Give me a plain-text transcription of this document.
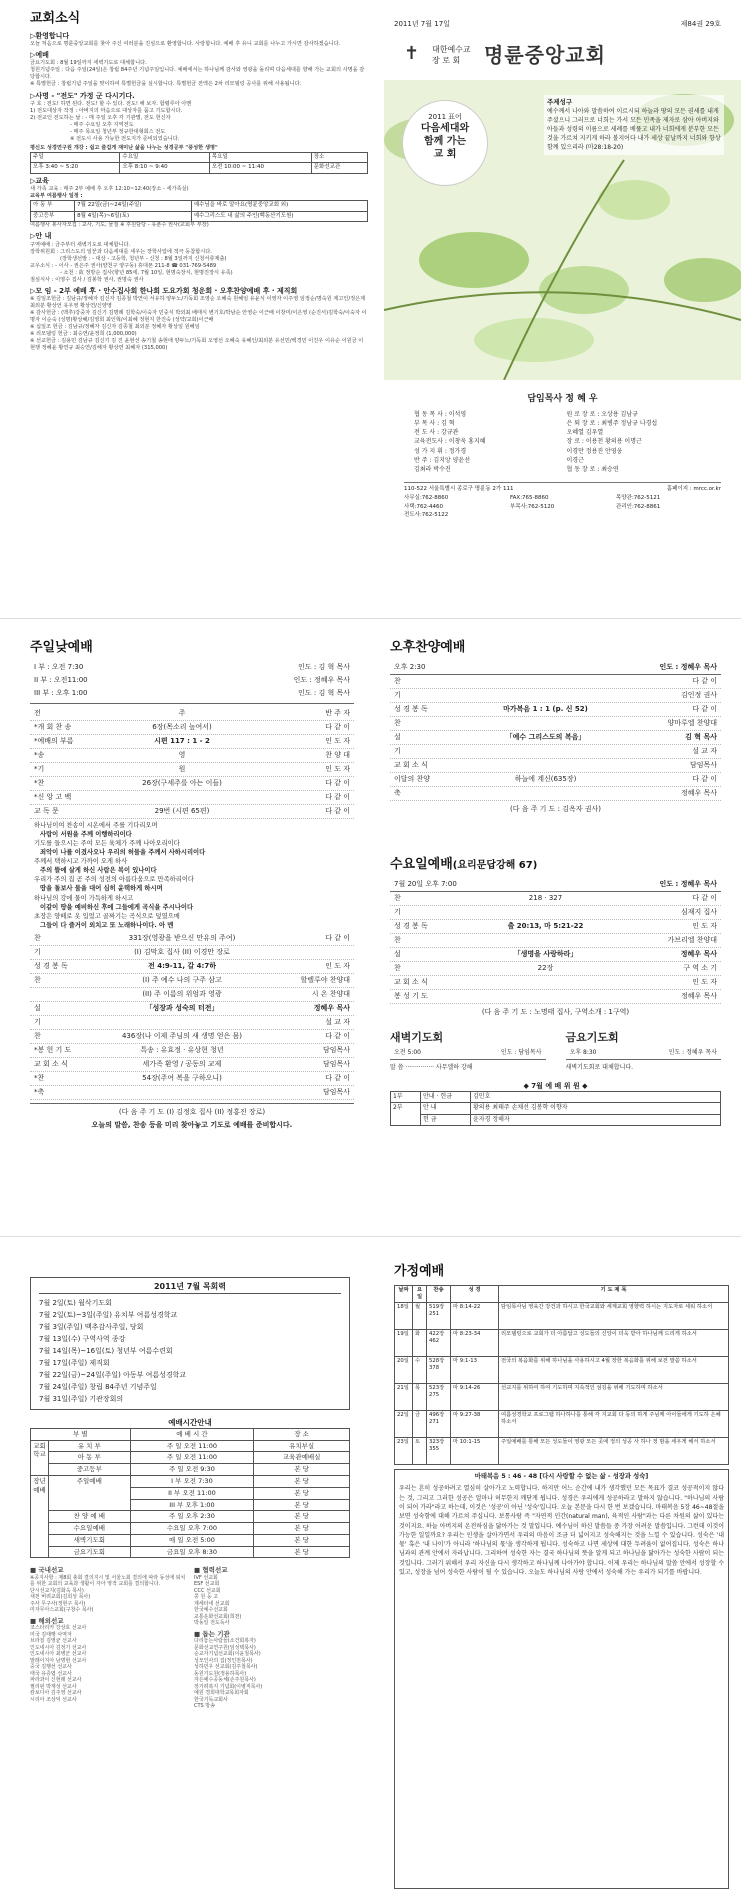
교회소식
▷환영합니다
오늘 처음으로 명륜중앙교회를 찾아 주신 여러분을 진심으로 환영합니다. 사랑합니다. 예배 후 유니 교회를 나누고 가시면 감사하겠습니다.
▷예배
금요기도회 : 8월 19일까지 세벽기도로 대체합니다.
청원기념주일 : 다음 주일(24일)은 창립 84주년 기념주일입니다. 예배에서는 하나님께 감사와 영광을 돌리며 다음세대를 향해 가는 교회의 사명을 감당합시다.
※ 특별헌금 : 창립기념 주일을 맞이하여 특별헌금을 실시합니다. 특별헌금 전액은 2차 리모델링 공사를 위해 사용됩니다.
▷사명 - "전도" 가정 군 다시기다.
구 호 : 전도! 하면 된다. 전도! 할 수 있다. 전도! 해 보자. 합렬루아 아멘
1) 전도대상자 작정 : 아버지의 마음으로 대상자를 품고 기도합시다.
2) 전교인 전도하는 날 : - 매 주일 오후 각 기관별, 전도 헌신자
- 매주 수요일 오후 지역전도
- 매주 목요일 청년부 정규한대형회스 전도
※ 전도시 사용 가능한 전도지가 준비되었습니다.
평신도 성경연구원 개강 : 쉽고 즐겁게 재미난 삶을 나누는 성경공부 "풍성한 생명"
주일	수요일	목요일	장소
오후 3:40 ~ 5:20	오후 8:10 ~ 9:40	오전 10:00 ~ 11:40	문화선교관
▷교육
새 가족 교육 : 매주 2부 예배 후 오후 12:10~12:40(장소 - 세가족실)
교육부 여름행사 일정 :
아 동 부	7월 22일(금)~24일(주일)	예수님을 바로 알아요(명륜중앙교회 외)
중고등부	8월 4일(목)~6일(토)	예수그리스도 내 삶의 주인(백동산기도원)
여름행사 봉사자모집 : 교사, 기도, 물질 ※ 후원담당 - 유춘수 권사(교회부 부장)
▷안 내
구역예배 : 금주부터 새벽기도로 대체합니다.
장학위원회 : 그리스도의 일꾼과 다음세대를 세우는 장학사업에 적극 동참합시다.
(장학생선발 : - 대상 - 고등학, 청년부 - 신청 : 8월 3일까지 신청서류제출)
교우소식 : - 이사 - 권은주 권사(양천구 양구동) 휴대폰 211-8 ☎ 031-769-5489
- 소천 : 故 정방순 집사(향년 85세, 7월 10일, 현명숙장식, 현명진장식 유족)
점심식사 : 이영수 집사 / 김봉학 권사, 권명숙 권사
▷모 임 - 2부 예배 후 · 안수집사회 한나회 도요가회 청운회 · 오후찬양예배 후 · 제직회
※ 김일조헌금 : 김남규/정혜자 김신자 김종철 박연이 서유하 양두노/기독회 조영순 오혜숙 원혜임 유윤식 이영자 이주영 임정순/명숙원 제고인/정은재 최외분 황상언 유우영 황상연/신양영
※ 감사헌금 : (맥추)강중자 김신기 김명례 김학숙/이숙자 민중식 박외최 배태식 변기호/박남순 안영순 이근배 이창미/이은영 (순진서)김학숙/이숙자 이명자 이순숙 (성명)황상혜/김영희 최인혁/이최혜 정현지 한진숙 (성약/교회)이근배
※ 십일조 헌금 : 김남규/정혜자 김신자 김종철 최외분 정혜자 황상일 원혜임
※ 리모델링 헌금 : 최승연/윤정희 (1,000,000)
※ 선교헌금 : 김용민 김남규 김신기 김 진 윤현선 송기철 송현애 양두노/기독회 오영선 오혜숙 유혜인/최외분 유선민/백경민 이진우 이유순 이원금 이현행 정혜윤 황연규 최승연/김해자 황상연 최혜자 (315,000)
2011년 7월 17일	제84권 29호
✝ 대한예수교
장 로 회	명륜중앙교회
2011 표어
다음세대와
함께 가는
교 회
주제성구
예수께서 나아와 말씀하여 이르시되 하늘과 땅의 모든 권세를 내게 주셨으니 그러므로 너희는 가서 모든 민족을 제자로 삼아 아버지와 아들과 성령의 이름으로 세례를 베풀고 내가 너희에게 분부한 모든 것을 가르쳐 지키게 하라 볼지어다 내가 세상 끝날까지 너희와 항상 함께 있으리라 (마28:18-20)
담임목사 정 혜 우
협 동 목 사 : 이석영	원 로 장 로 : 오상용 김남규
부 목 사 : 김 혁	은 퇴 장 로 : 최병주 정남규 나경섭
전 도 사 : 강규관	오혜열 김우열
교육전도사 : 이창욱 홍지혜	장 로 : 이용천 황의용 이명근
성 가 지 휘 : 정가경	이경만 정용진 안영웅
반 주 : 김지앙 양윤선	이경근
김최라 박수진	협 동 장 로 : 최승연
110-522 서울특별시 종로구 명륜동 2가 111	홈페이지 : mrcc.or.kr
사무실:762-8860	FAX:765-8860	목양관:762-5121
사택:762-4460	부목사:762-5120	관리인:762-8861
전도사:762-5122
주일낮예배
I 부 : 오전 7:30	인도 : 김 혁 목사
II 부 : 오전11:00	인도 : 정혜우 목사
III 부 : 오후 1:00	인도 : 김 혁 목사
전	주	반 주 자
*개 회 찬 송	6장(목소리 높여서)	다 같 이
*예배의 부름	시편 117 : 1 - 2	인 도 자
*송	영	찬 양 대
*기	원	인 도 자
*찬	26장(구세주를 아는 이들)	다 같 이
*신 앙 고 백	다 같 이
교 독 문	29번 (시편 65편)	다 같 이
하나님이여 찬송이 시온에서 주를 기다리오며
사람이 서원을 주께 이행하리이다
기도를 들으시는 주여 모든 육체가 주께 나아오리이다
죄악이 나를 이겼사오나 우리의 허물을 주께서 사하시리이다
주께서 택하시고 가까이 오게 하사
주의 뜰에 살게 하신 사람은 복이 있나이다
우리가 주의 집 곧 주의 성전의 아름다움으로 만족하리이다
땅을 돌보사 물을 대어 심히 윤택하게 하시며
하나님의 강에 물이 가득하게 하시고
이같이 땅을 예비하신 후에 그들에게 곡식을 주시나이다
초장은 양떼로 옷 입었고 골짜기는 곡식으로 덮였으매
그들이 다 즐거이 외치고 또 노래하나이다. 아 멘
찬	331장(영광을 받으신 만유의 주여)	다 같 이
기	(I) 김막호 집사 (II) 이경만 장로
성 경 봉 독	전 4:9-11, 갈 4:7하	인 도 자
찬	(I) 주 예수 나의 구주 삼고	할렐루야 찬양대
(II) 주 이름의 위엄과 영광	시 온 찬양대
설	「성장과 성숙의 터전」	정혜우 목사
기	설 교 자
찬	436장(나 이제 주님의 새 생명 얻은 몸)	다 같 이
*봉 헌 기 도	특송 : 유효정 · 유상현 청년	담임목사
교 회 소 식	세가족 환영 / 공동의 교제	담임목사
*찬	54장(주여 복을 구하오니)	다 같 이
*축	담임목사
(다 음 주 기 도 (I) 김정호 집사 (II) 정홍진 장로)
오늘의 말씀, 찬송 등을 미리 찾아놓고 기도로 예배를 준비합시다.
오후찬양예배
오후 2:30	인도 : 정혜우 목사
찬	다 같 이
기	김인정 권사
성 경 봉 독	마가복음 1 : 1 (p. 신 52)	다 같 이
찬	양마루엘 찬양대
설	「예수 그리스도의 복음」	김 혁 목사
기	설 교 자
교 회 소 식	담임목사
이달의 찬양	하늘에 계신(635장)	다 같 이
축	정혜우 목사
(다 음 주 기 도 : 김옥자 권사)
수요일예배(요리문답강해 67)
7월 20일 오후 7:00	인도 : 정혜우 목사
찬	218 · 327	다 같 이
기	심재지 집사
성 경 봉 독	출 20:13, 마 5:21-22	인 도 자
찬	가브리엘 찬양대
설	「생명을 사랑하라」	정혜우 목사
찬	22장	구 역 소 기
교 회 소 식	인 도 자
봉 성 기 도	정혜우 목사
(다 음 주 기 도 : 노명태 집사, 구역소개 : 1구역)
새벽기도회
오전 5:00	인도 : 담임목사
말 씀 ··············· 사무엘하 강해
금요기도회
오후 8:30	인도 : 정혜우 목사
새벽기도회로 대체합니다.
◆ 7월 예 배 위 원 ◆
1부	안내 · 헌금	김민호
2부	안 내	황의용 최태주 손채선 김봉학 이향자
	헌 금	윤자경 정해자
2011년 7월 목회력
7월 2일(토) 월삭기도회
7월 2일(토)~3일(주일) 유치부 여름성경학교
7월 3일(주일) 맥추감사주일, 당회
7월 13일(수) 구역사역 종강
7월 14일(목)~16일(토) 청년부 여름수련회
7월 17일(주일) 제직회
7월 22일(금)~24일(주일) 아동부 여름성경학교
7월 24일(주일) 창립 84주년 기념주일
7월 31일(주일) 기관장회의
예배시간안내
부 별		예 배 시 간	장 소
교회학교	유 치 부	주 일 오전 11:00	유치부실
	아 동 부	주 일 오전 11:00	교육관예배실
	중고등부	주 일 오전 9:30	본 당
장년예배	주일예배	I 부 오전 7:30	본 당
		II 부 오전 11:00	본 당
		III 부 오후 1:00	본 당
	찬 양 예 배	주 일 오후 2:30	본 당
	수요일예배	수요일 오후 7:00	본 당
	새벽기도회	매 일 오전 5:00	본 당
	금요기도회	금요일 오후 8:30	본 당
■ 국내선교
※공지사항 : 제8회 총회 결의지시 및 서울노회 결의에 따라 동성애 퇴치를 위한 교회의 교육과 생활이 자아 영적 교회를 결의합니다.
단시선교지(김화옥 목사)
새천 버려교회(김희성 목사)
주사 무구사(정현구 목사)
미자무아스교회(구창수 목사)
■ 해외선교
코스타리카 강상호 선교사
미국 김태행 사역자
브라질 김영균 선교사
인도네시아 김정기 선교사
인도네시아 최병군 선교사
말레이지아 남명현 선교사
중국 김행선 선교사
태국 유증엽 선교사
파라과이 신현래 선교사
필리핀 박재성 선교사
캄보디아 김주영 선교사
시리아 조상익 선교사
■ 협력선교
IVF 선교회
ESF 선교회
CCC 선교회
콩 원 둥 고
제세타네 선교회
한국예수선교회
교통운화선교회(희천)
박동일 전도독사
■ 돕는 기관
다리놓는사람들(소건회복자)
문화선교연구원(임성택목사)
순교자기념선교회(이윤철목사)
성모인사의 집(정인천목사)
성하민우 선교회(김주철목사)
동원기도원(정용하목사)
자은예수공동체(손주원목사)
장기려복지 기념회(이병직목사)
예원 경희대학교목회자회
한국기독교회사
CTS 방송
가정예배
날짜	요일	찬송	성 경	기 도 제 목
18일	월	519장 251	마 8:14-22	담임목사님 영육간 강건과 하시고 한국교회와 세계교회 영향력 하시는 지도자로 세워 하소서
19일	화	422장 462	마 8:23-34	리모델링으로 교회가 더 아름답고 성도들의 신앙이 더욱 받아 하나님께 드리게 하소서
20일	수	528장 378	마 9:1-13	전국의 복음화를 위해 하나님을 사용하시고 4월 장한 복음화를 위해 보전 말씀 하소서
21일	목	523장 275	마 9:14-26	선교지를 위하여 하여 기도하며 지속적인 섬김을 위해 기도하며 하소서
22일	금	496장 271	마 9:27-38	여름성경학교 프로그램 하나하나를 통해 각 지교회 다 동의 하게 주님께 아이들에게 기도하 은혜 하소서
23일	토	323장 355	마 10:1-15	주일예배를 통해 모든 성도들이 영광 모든 곳에 정의 성공 사 하나 정 밤을 세우게 해서 하소서
마태복음 5 : 46 - 48 [다시 사랑할 수 없는 삶 - 성장과 성숙]
우리는 흔히 성공하려고 열심히 살아가고 노력합니다. 하지만 어느 순간에 내가 생각했던 모든 목표가 결코 성공적이지 않다는 것, 그리고 그러한 성공은 얼마나 허무한지 깨닫게 됩니다. 성경은 우리에게 성공하라고 말하지 않습니다. "하나님의 사람이 되어 가라"라고 하는데, 이것은 '성공'이 아닌 '성숙'입니다. 오늘 본문을 다시 한 번 보겠습니다. 마태복음 5장 46~48절을 보면 성숙함에 대해 가르쳐 주십니다. 보통사람 즉 "자연적 인간(natural man), 육적인 사람"과는 다른 차원의 삶이 있다는 것이지요. 하늘 아버지의 온전하심을 닮아가는 것 말입니다. 예수님이 하신 말씀들 중 가장 어려운 말씀입니다. 그런데 이것이 가능한 일일까요? 우리는 인생을 살아가면서 우리의 마음이 조금 더 넓어지고 성숙해지는 것을 느낄 수 있습니다. 성숙은 '내 몫' 혹은 '내 나이'가 아니라 '하나님의 몫'을 생각하게 됩니다. 성숙하고 나면 세상에 대한 두려움이 없어집니다. 성숙은 하나님과의 관계 안에서 자라납니다. 그리하여 성숙한 자는 결국 하나님의 뜻을 알게 되고 하나님을 닮아가는 성숙한 사람이 되는 것입니다. 그러기 위해서 우리 자신을 다시 생각하고 하나님께 나아가야 합니다. 이제 우리는 하나님의 말씀 안에서 성장할 수 있고, 성장을 넘어 성숙한 사람이 될 수 있습니다. 오늘도 하나님의 사랑 안에서 성숙해 가는 우리가 되기를 바랍니다.
